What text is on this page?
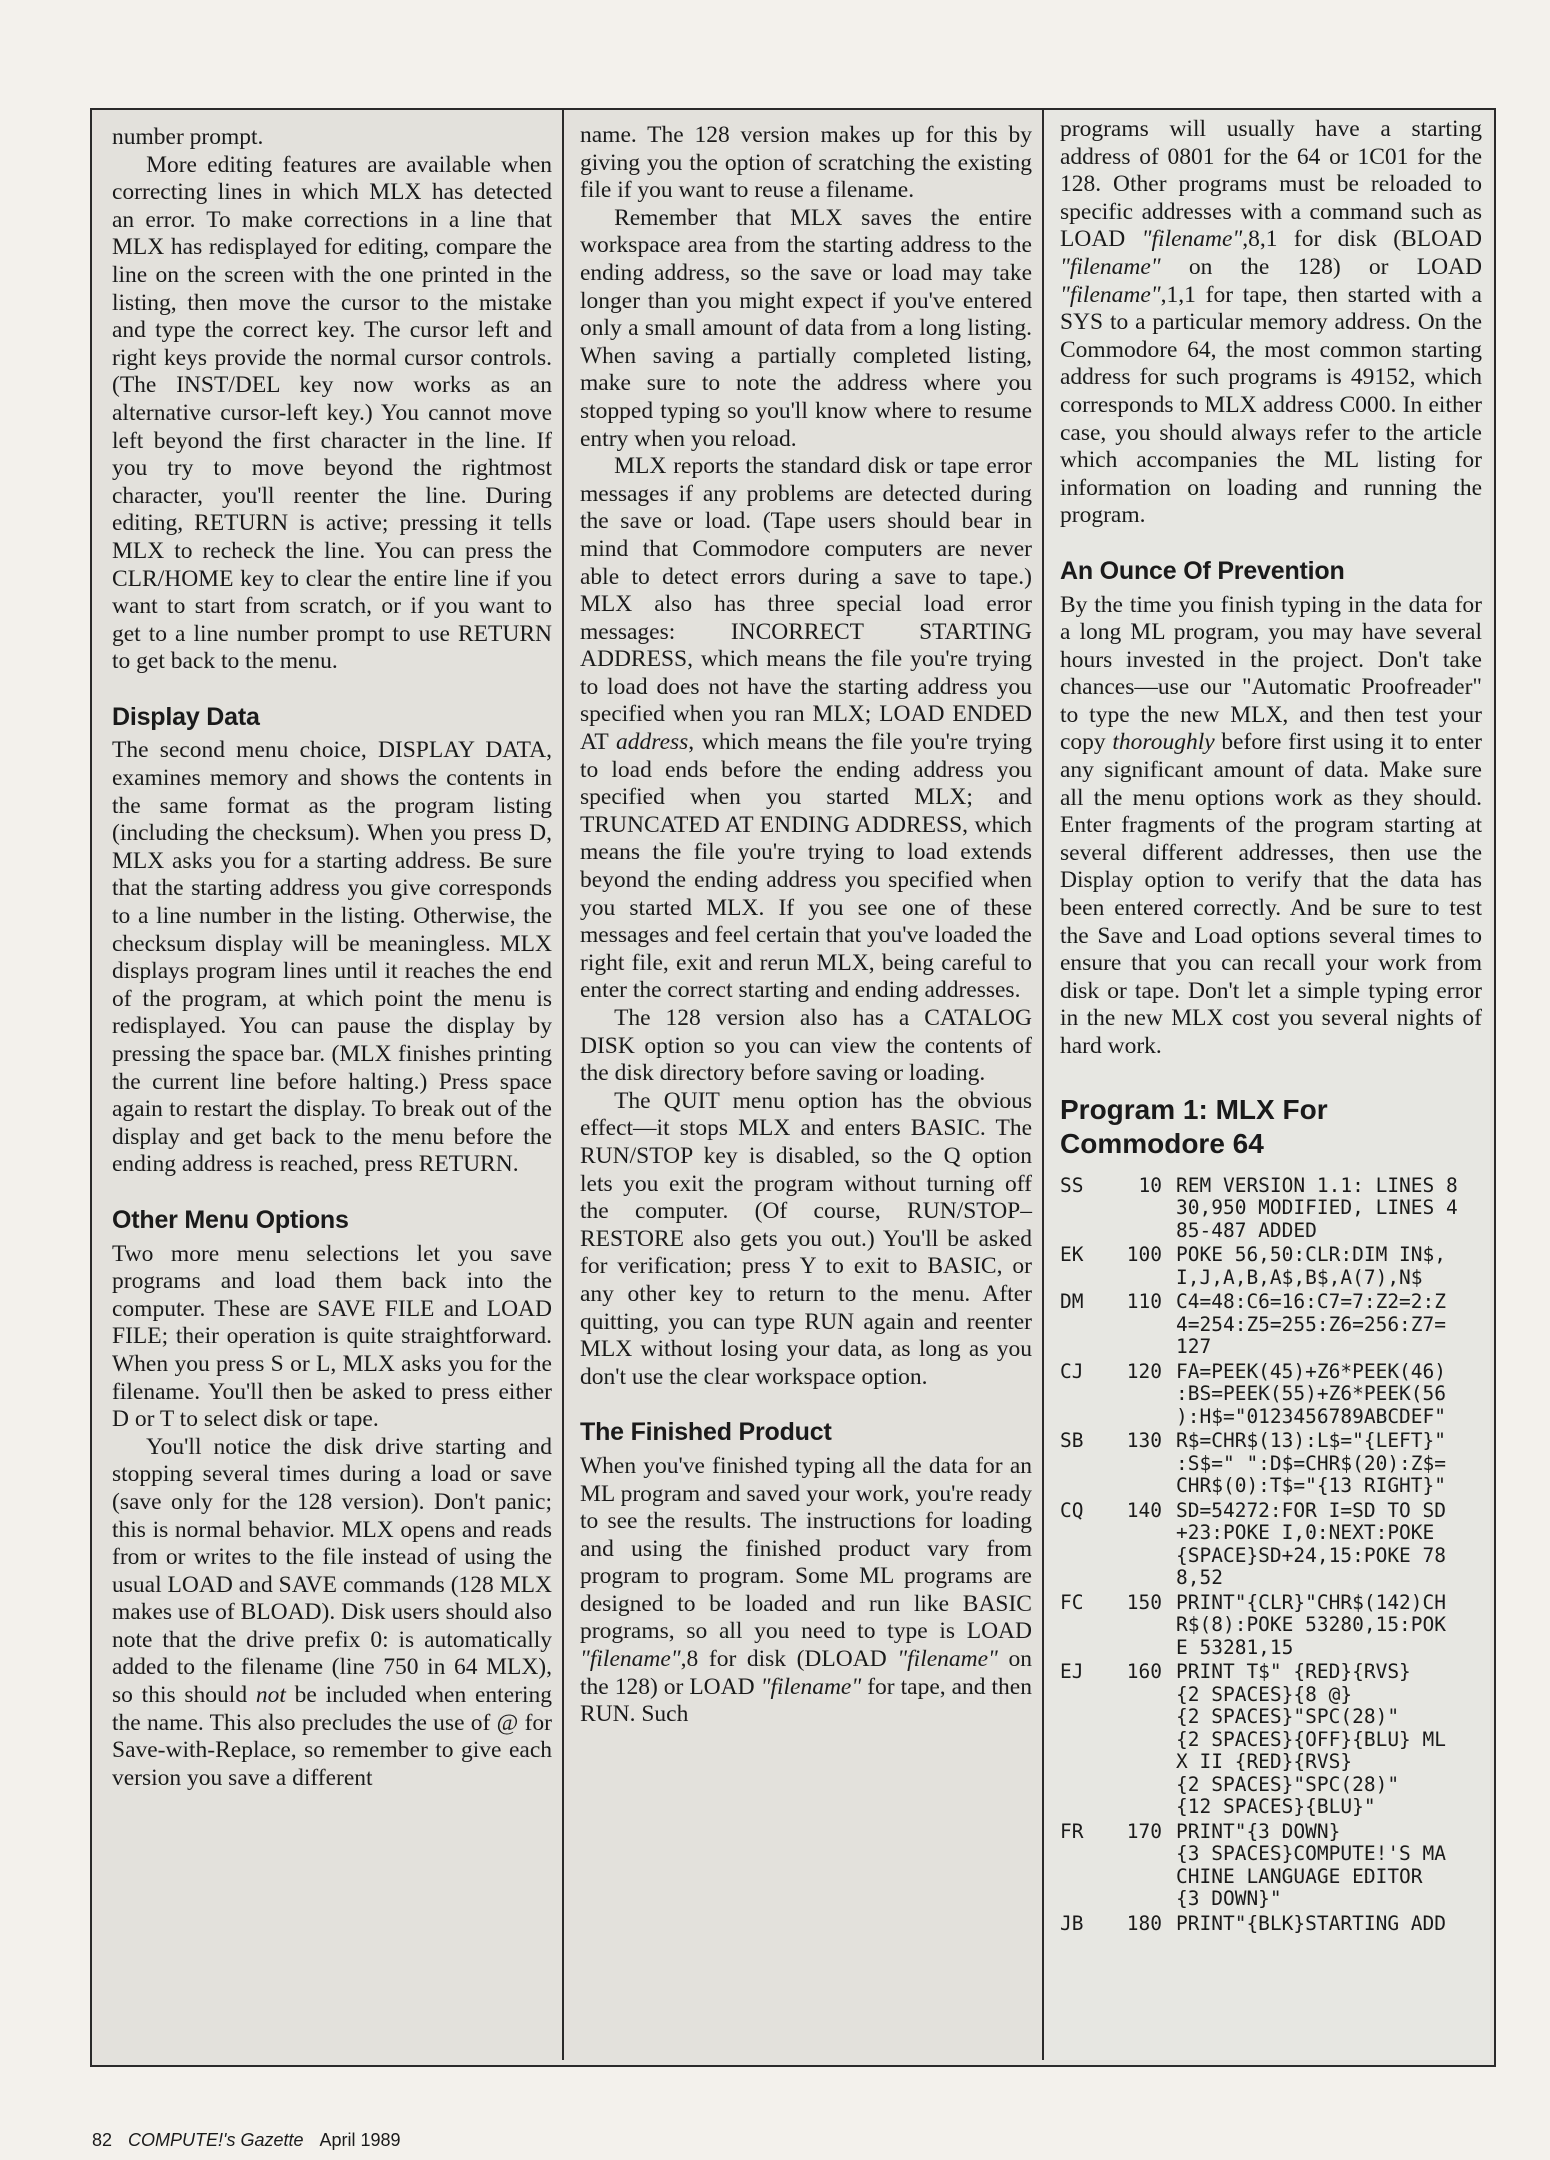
number prompt.

More editing features are available when correcting lines in which MLX has detected an error. To make corrections in a line that MLX has redisplayed for editing, compare the line on the screen with the one printed in the listing, then move the cursor to the mistake and type the correct key. The cursor left and right keys provide the normal cursor controls. (The INST/DEL key now works as an alternative cursor-left key.) You cannot move left beyond the first character in the line. If you try to move beyond the rightmost character, you'll reenter the line. During editing, RETURN is active; pressing it tells MLX to recheck the line. You can press the CLR/HOME key to clear the entire line if you want to start from scratch, or if you want to get to a line number prompt to use RETURN to get back to the menu.

Display Data

The second menu choice, DISPLAY DATA, examines memory and shows the contents in the same format as the program listing (including the checksum). When you press D, MLX asks you for a starting address. Be sure that the starting address you give corresponds to a line number in the listing. Otherwise, the checksum display will be meaningless. MLX displays program lines until it reaches the end of the program, at which point the menu is redisplayed. You can pause the display by pressing the space bar. (MLX finishes printing the current line before halting.) Press space again to restart the display. To break out of the display and get back to the menu before the ending address is reached, press RETURN.

Other Menu Options

Two more menu selections let you save programs and load them back into the computer. These are SAVE FILE and LOAD FILE; their operation is quite straightforward. When you press S or L, MLX asks you for the filename. You'll then be asked to press either D or T to select disk or tape.

You'll notice the disk drive starting and stopping several times during a load or save (save only for the 128 version). Don't panic; this is normal behavior. MLX opens and reads from or writes to the file instead of using the usual LOAD and SAVE commands (128 MLX makes use of BLOAD). Disk users should also note that the drive prefix 0: is automatically added to the filename (line 750 in 64 MLX), so this should not be included when entering the name. This also precludes the use of @ for Save-with-Replace, so remember to give each version you save a different

name. The 128 version makes up for this by giving you the option of scratching the existing file if you want to reuse a filename.

Remember that MLX saves the entire workspace area from the starting address to the ending address, so the save or load may take longer than you might expect if you've entered only a small amount of data from a long listing. When saving a partially completed listing, make sure to note the address where you stopped typing so you'll know where to resume entry when you reload.

MLX reports the standard disk or tape error messages if any problems are detected during the save or load. (Tape users should bear in mind that Commodore computers are never able to detect errors during a save to tape.) MLX also has three special load error messages: INCORRECT STARTING ADDRESS, which means the file you're trying to load does not have the starting address you specified when you ran MLX; LOAD ENDED AT address, which means the file you're trying to load ends before the ending address you specified when you started MLX; and TRUNCATED AT ENDING ADDRESS, which means the file you're trying to load extends beyond the ending address you specified when you started MLX. If you see one of these messages and feel certain that you've loaded the right file, exit and rerun MLX, being careful to enter the correct starting and ending addresses.

The 128 version also has a CATALOG DISK option so you can view the contents of the disk directory before saving or loading.

The QUIT menu option has the obvious effect—it stops MLX and enters BASIC. The RUN/STOP key is disabled, so the Q option lets you exit the program without turning off the computer. (Of course, RUN/STOP–RESTORE also gets you out.) You'll be asked for verification; press Y to exit to BASIC, or any other key to return to the menu. After quitting, you can type RUN again and reenter MLX without losing your data, as long as you don't use the clear workspace option.

The Finished Product

When you've finished typing all the data for an ML program and saved your work, you're ready to see the results. The instructions for loading and using the finished product vary from program to program. Some ML programs are designed to be loaded and run like BASIC programs, so all you need to type is LOAD "filename",8 for disk (DLOAD "filename" on the 128) or LOAD "filename" for tape, and then RUN. Such

programs will usually have a starting address of 0801 for the 64 or 1C01 for the 128. Other programs must be reloaded to specific addresses with a command such as LOAD "filename",8,1 for disk (BLOAD "filename" on the 128) or LOAD "filename",1,1 for tape, then started with a SYS to a particular memory address. On the Commodore 64, the most common starting address for such programs is 49152, which corresponds to MLX address C000. In either case, you should always refer to the article which accompanies the ML listing for information on loading and running the program.

An Ounce Of Prevention

By the time you finish typing in the data for a long ML program, you may have several hours invested in the project. Don't take chances—use our "Automatic Proofreader" to type the new MLX, and then test your copy thoroughly before first using it to enter any significant amount of data. Make sure all the menu options work as they should. Enter fragments of the program starting at several different addresses, then use the Display option to verify that the data has been entered correctly. And be sure to test the Save and Load options several times to ensure that you can recall your work from disk or tape. Don't let a simple typing error in the new MLX cost you several nights of hard work.

Program 1: MLX For Commodore 64
SS	10 REM VERSION 1.1: LINES 8
30,950 MODIFIED, LINES 4
85-487 ADDED
EK	100 POKE 56,50:CLR:DIM IN$,
I,J,A,B,A$,B$,A(7),N$
DM	110 C4=48:C6=16:C7=7:Z2=2:Z
4=254:Z5=255:Z6=256:Z7=
127
CJ	120 FA=PEEK(45)+Z6*PEEK(46)
:BS=PEEK(55)+Z6*PEEK(56
):H$="0123456789ABCDEF"
SB	130 R$=CHR$(13):L$="{LEFT}"
:S$=" ":D$=CHR$(20):Z$=
CHR$(0):T$="{13 RIGHT}"
CQ	140 SD=54272:FOR I=SD TO SD
+23:POKE I,0:NEXT:POKE
{SPACE}SD+24,15:POKE 78
8,52
FC	150 PRINT"{CLR}"CHR$(142)CH
R$(8):POKE 53280,15:POK
E 53281,15
EJ	160 PRINT T$" {RED}{RVS}
{2 SPACES}{8 @}
{2 SPACES}"SPC(28)"
{2 SPACES}{OFF}{BLU} ML
X II {RED}{RVS}
{2 SPACES}"SPC(28)"
{12 SPACES}{BLU}"
FR	170 PRINT"{3 DOWN}
{3 SPACES}COMPUTE!'S MA
CHINE LANGUAGE EDITOR
{3 DOWN}"
JB	180 PRINT"{BLK}STARTING ADD
82 COMPUTE!'s Gazette April 1989
